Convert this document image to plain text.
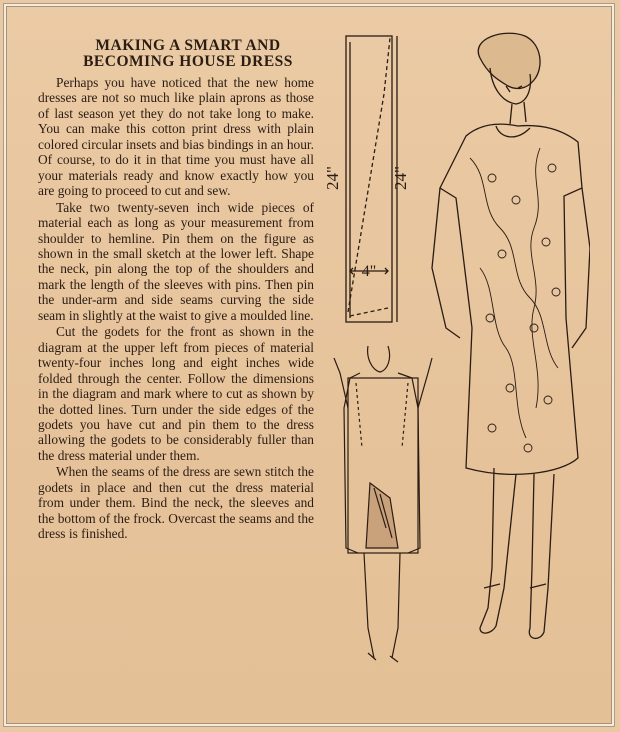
MAKING A SMART AND
BECOMING HOUSE DRESS

Perhaps you have noticed that the new home dresses are not so much like plain aprons as those of last season yet they do not take long to make. You can make this cotton print dress with plain colored circular insets and bias bindings in an hour. Of course, to do it in that time you must have all your materials ready and know exactly how you are going to proceed to cut and sew.

Take two twenty-seven inch wide pieces of material each as long as your measurement from shoulder to hemline. Pin them on the figure as shown in the small sketch at the lower left. Shape the neck, pin along the top of the shoulders and mark the length of the sleeves with pins. Then pin the under-arm and side seams curving the side seam in slightly at the waist to give a moulded line.

Cut the godets for the front as shown in the diagram at the upper left from pieces of material twenty-four inches long and eight inches wide folded through the center. Follow the dimensions in the diagram and mark where to cut as shown by the dotted lines. Turn under the side edges of the godets you have cut and pin them to the dress allowing the godets to be considerably fuller than the dress material under them.

When the seams of the dress are sewn stitch the godets in place and then cut the dress material from under them. Bind the neck, the sleeves and the bottom of the frock. Overcast the seams and the dress is finished.

24"	24"
4"
